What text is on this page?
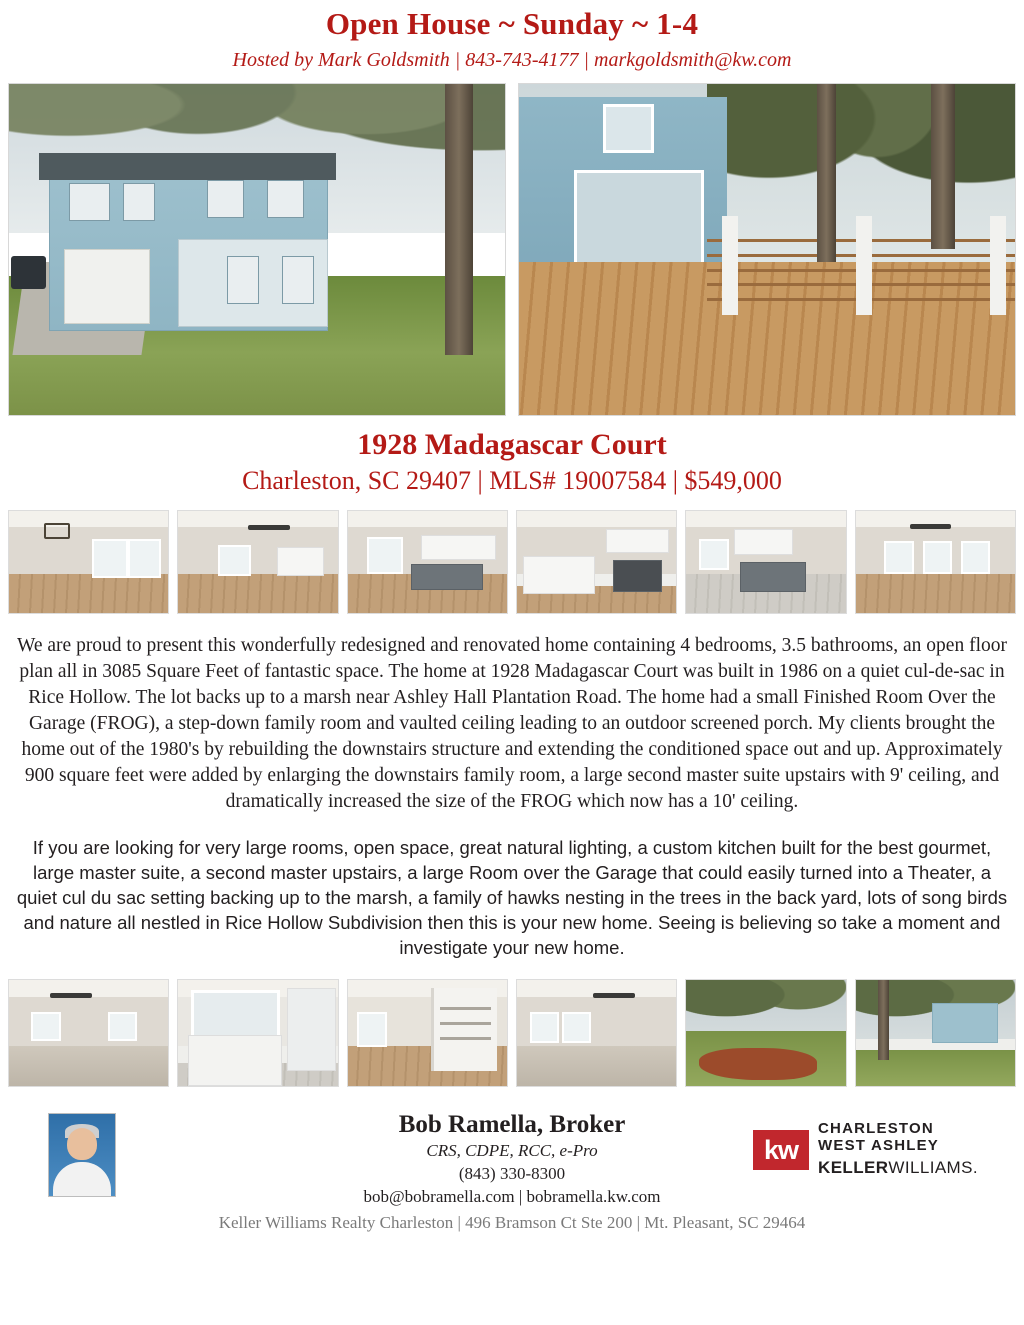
Open House ~ Sunday ~ 1-4
Hosted by Mark Goldsmith | 843-743-4177 | markgoldsmith@kw.com
1928 Madagascar Court
Charleston, SC 29407 | MLS# 19007584 | $549,000

We are proud to present this wonderfully redesigned and renovated home containing 4 bedrooms, 3.5 bathrooms, an open floor plan all in 3085 Square Feet of fantastic space. The home at 1928 Madagascar Court was built in 1986 on a quiet cul-de-sac in Rice Hollow. The lot backs up to a marsh near Ashley Hall Plantation Road. The home had a small Finished Room Over the Garage (FROG), a step-down family room and vaulted ceiling leading to an outdoor screened porch. My clients brought the home out of the 1980's by rebuilding the downstairs structure and extending the conditioned space out and up. Approximately 900 square feet were added by enlarging the downstairs family room, a large second master suite upstairs with 9' ceiling, and dramatically increased the size of the FROG which now has a 10' ceiling.

If you are looking for very large rooms, open space, great natural lighting, a custom kitchen built for the best gourmet, large master suite, a second master upstairs, a large Room over the Garage that could easily turned into a Theater, a quiet cul du sac setting backing up to the marsh, a family of hawks nesting in the trees in the back yard, lots of song birds and nature all nestled in Rice Hollow Subdivision then this is your new home. Seeing is believing so take a moment and investigate your new home.

Bob Ramella, Broker
CRS, CDPE, RCC, e-Pro
(843) 330-8300
bob@bobramella.com | bobramella.kw.com
kw
CHARLESTON
WEST ASHLEY
KELLERWILLIAMS.
Keller Williams Realty Charleston | 496 Bramson Ct Ste 200 | Mt. Pleasant, SC 29464
